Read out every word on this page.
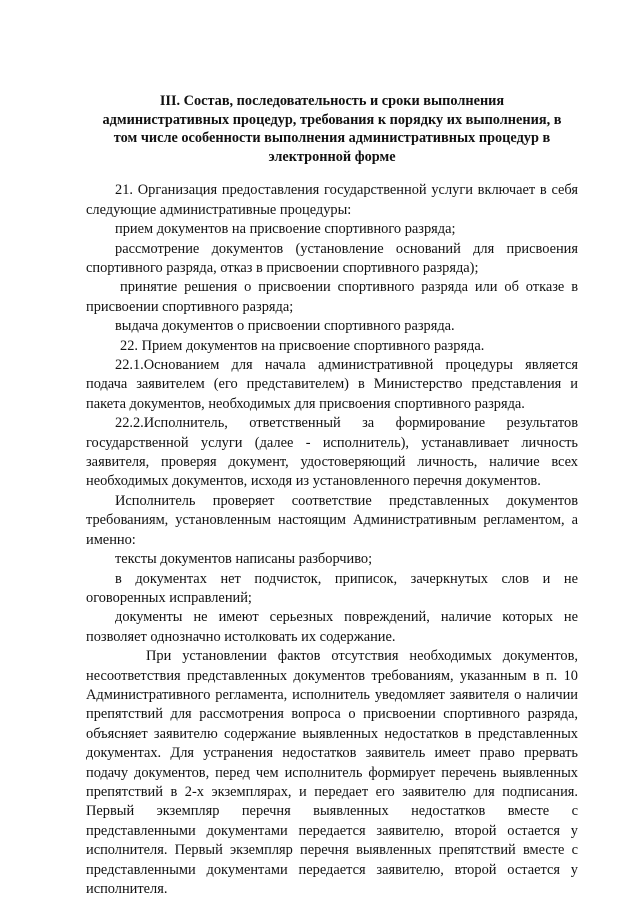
III. Состав, последовательность и сроки выполнения
административных процедур, требования к порядку их выполнения, в
том числе особенности выполнения административных процедур в
электронной форме

21. Организация предоставления государственной услуги включает в себя следующие административные процедуры:

прием документов на присвоение спортивного разряда;

рассмотрение документов (установление оснований для присвоения спортивного разряда, отказ в присвоении спортивного разряда);

принятие решения о присвоении спортивного разряда или об отказе в присвоении спортивного разряда;

выдача документов о присвоении спортивного разряда.

22. Прием документов на присвоение спортивного разряда.

22.1.Основанием для начала административной процедуры является подача заявителем (его представителем) в Министерство представления и пакета документов, необходимых для присвоения спортивного разряда.

22.2.Исполнитель, ответственный за формирование результатов государственной услуги (далее - исполнитель), устанавливает личность заявителя, проверяя документ, удостоверяющий личность, наличие всех необходимых документов, исходя из установленного перечня документов.

Исполнитель проверяет соответствие представленных документов требованиям, установленным настоящим Административным регламентом, а именно:

тексты документов написаны разборчиво;

в документах нет подчисток, приписок, зачеркнутых слов и не оговоренных исправлений;

документы не имеют серьезных повреждений, наличие которых не позволяет однозначно истолковать их содержание.

При установлении фактов отсутствия необходимых документов, несоответствия представленных документов требованиям, указанным в п. 10 Административного регламента, исполнитель уведомляет заявителя о наличии препятствий для рассмотрения вопроса о присвоении спортивного разряда, объясняет заявителю содержание выявленных недостатков в представленных документах. Для устранения недостатков заявитель имеет право прервать подачу документов, перед чем исполнитель формирует перечень выявленных препятствий в 2-х экземплярах, и передает его заявителю для подписания. Первый экземпляр перечня выявленных недостатков вместе с представленными документами передается заявителю, второй остается у исполнителя. Первый экземпляр перечня выявленных препятствий вместе с представленными документами передается заявителю, второй остается у исполнителя.
